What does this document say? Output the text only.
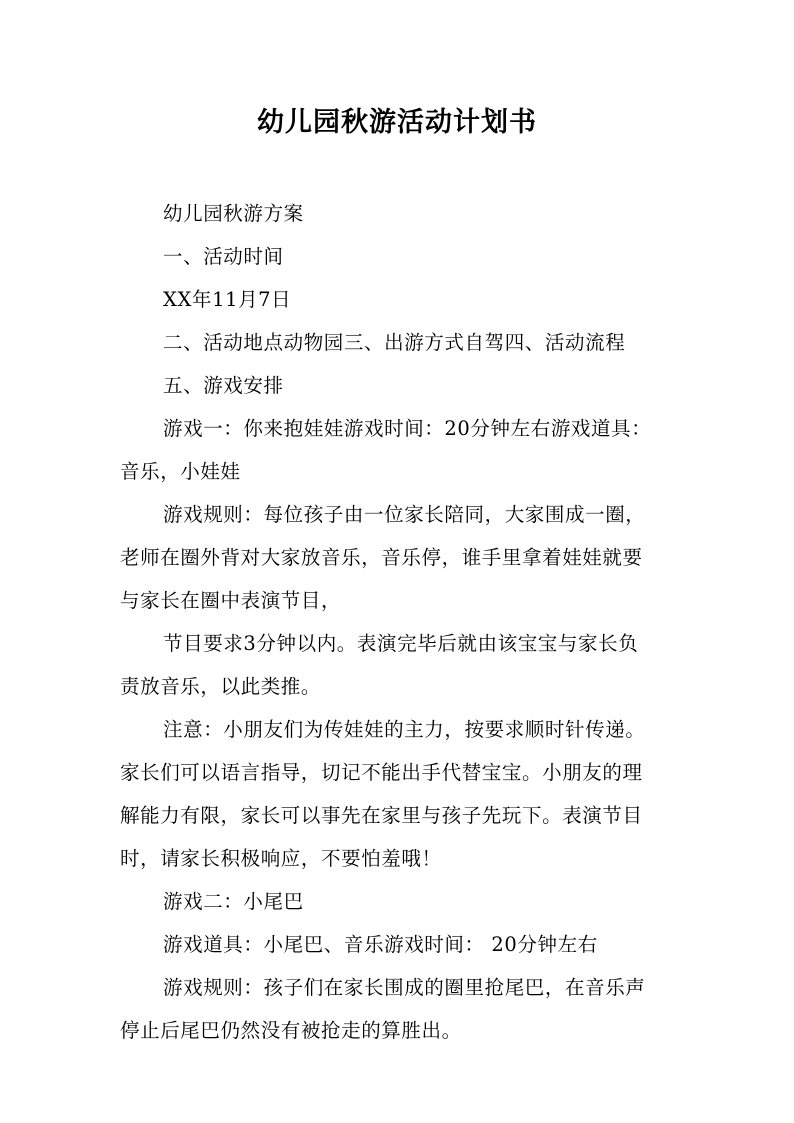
幼儿园秋游活动计划书

幼儿园秋游方案

一、活动时间

XX年11月7日

二、活动地点动物园三、出游方式自驾四、活动流程

五、游戏安排

游戏一：你来抱娃娃游戏时间：20分钟左右游戏道具：
音乐，小娃娃

游戏规则：每位孩子由一位家长陪同，大家围成一圈，
老师在圈外背对大家放音乐，音乐停，谁手里拿着娃娃就要
与家长在圈中表演节目，

节目要求3分钟以内。表演完毕后就由该宝宝与家长负
责放音乐，以此类推。

注意：小朋友们为传娃娃的主力，按要求顺时针传递。
家长们可以语言指导，切记不能出手代替宝宝。小朋友的理
解能力有限，家长可以事先在家里与孩子先玩下。表演节目
时，请家长积极响应，不要怕羞哦！

游戏二：小尾巴

游戏道具：小尾巴、音乐游戏时间： 20分钟左右

游戏规则：孩子们在家长围成的圈里抢尾巴，在音乐声
停止后尾巴仍然没有被抢走的算胜出。
